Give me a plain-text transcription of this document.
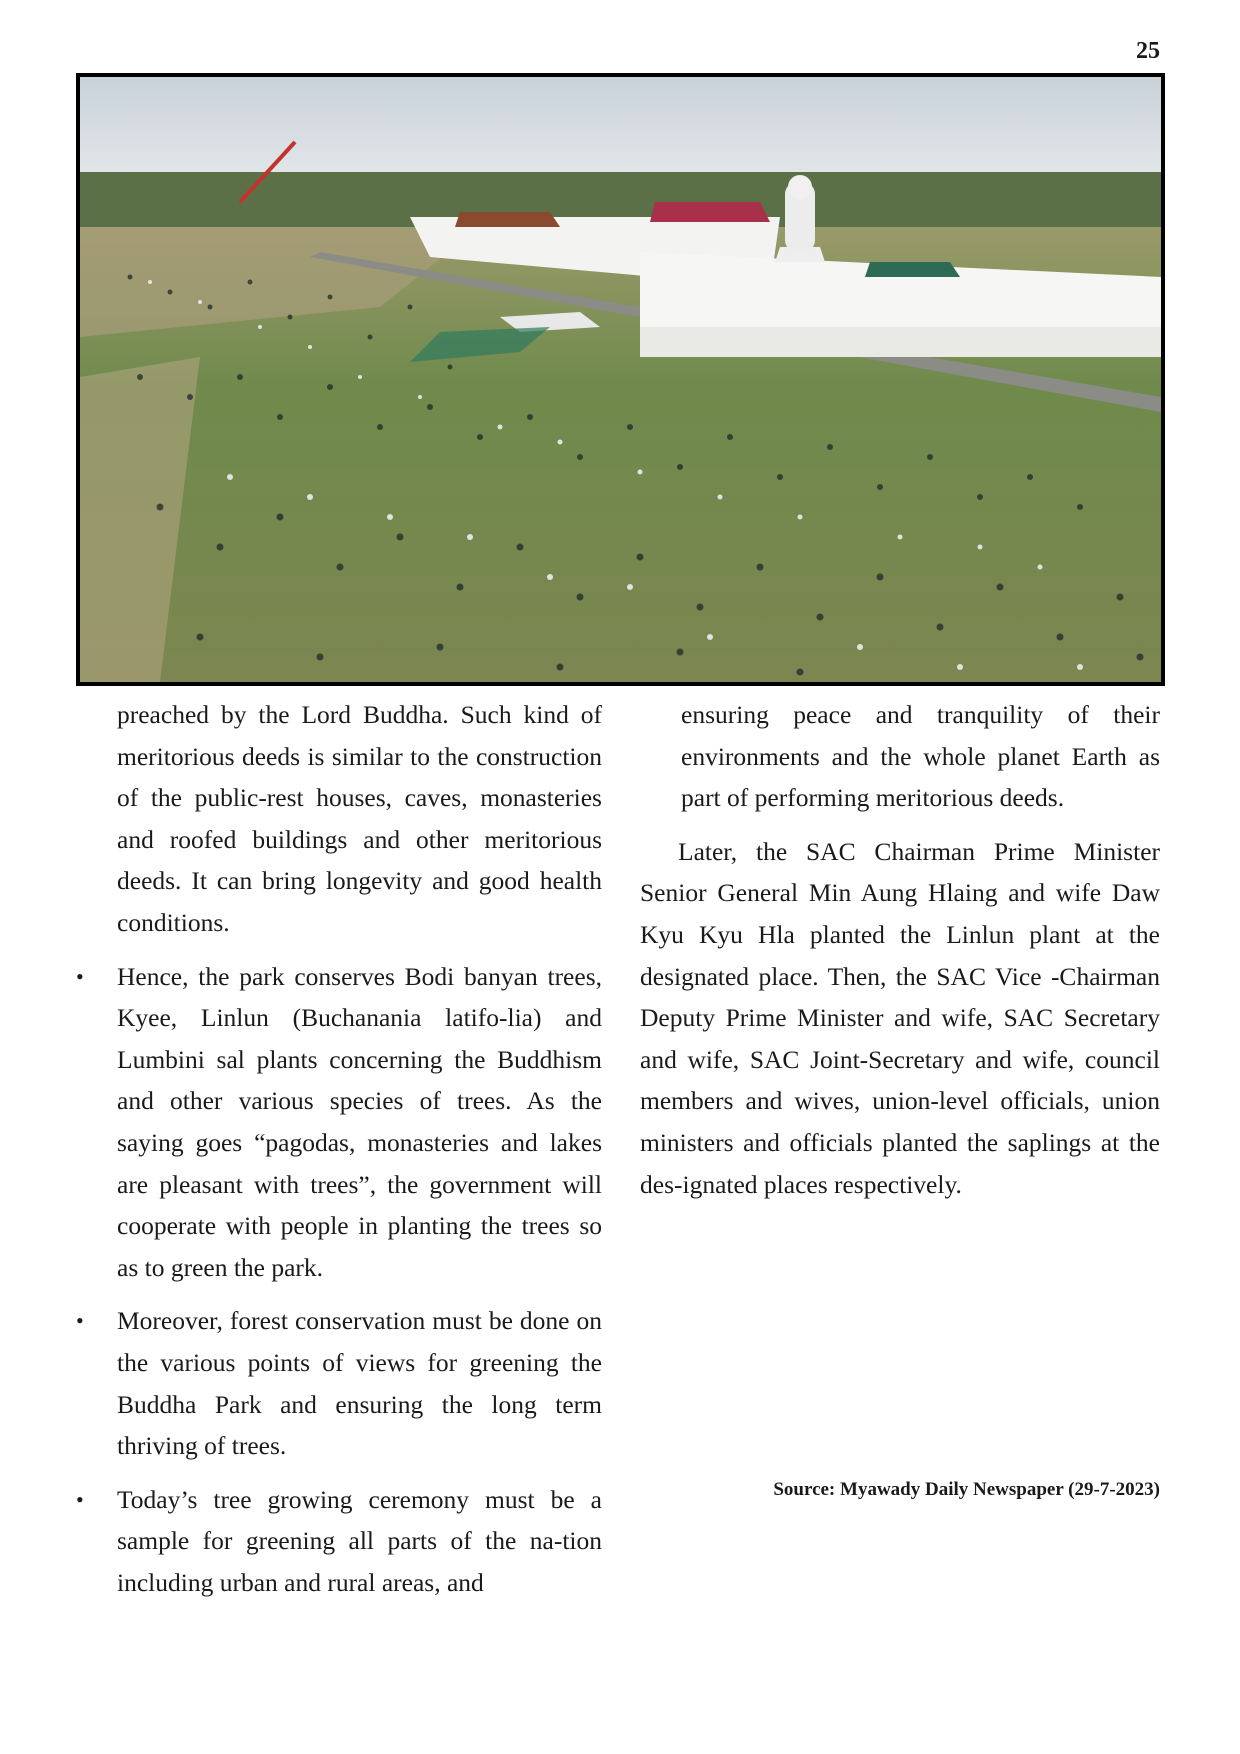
25

preached by the Lord Buddha. Such kind of meritorious deeds is similar to the construction of the public-rest houses, caves, monasteries and roofed buildings and other meritorious deeds. It can bring longevity and good health conditions.

•	Hence, the park conserves Bodi banyan trees, Kyee, Linlun (Buchanania latifo-lia) and Lumbini sal plants concerning the Buddhism and other various species of trees. As the saying goes “pagodas, monasteries and lakes are pleasant with trees”, the government will cooperate with people in planting the trees so as to green the park.
•	Moreover, forest conservation must be done on the various points of views for greening the Buddha Park and ensuring the long term thriving of trees.
•	Today’s tree growing ceremony must be a sample for greening all parts of the na-tion including urban and rural areas, and

ensuring peace and tranquility of their environments and the whole planet Earth as part of performing meritorious deeds.

Later, the SAC Chairman Prime Minister Senior General Min Aung Hlaing and wife Daw Kyu Kyu Hla planted the Linlun plant at the designated place. Then, the SAC Vice -Chairman Deputy Prime Minister and wife, SAC Secretary and wife, SAC Joint-Secretary and wife, council members and wives, union-level officials, union ministers and officials planted the saplings at the des-ignated places respectively.

Source: Myawady Daily Newspaper (29-7-2023)
